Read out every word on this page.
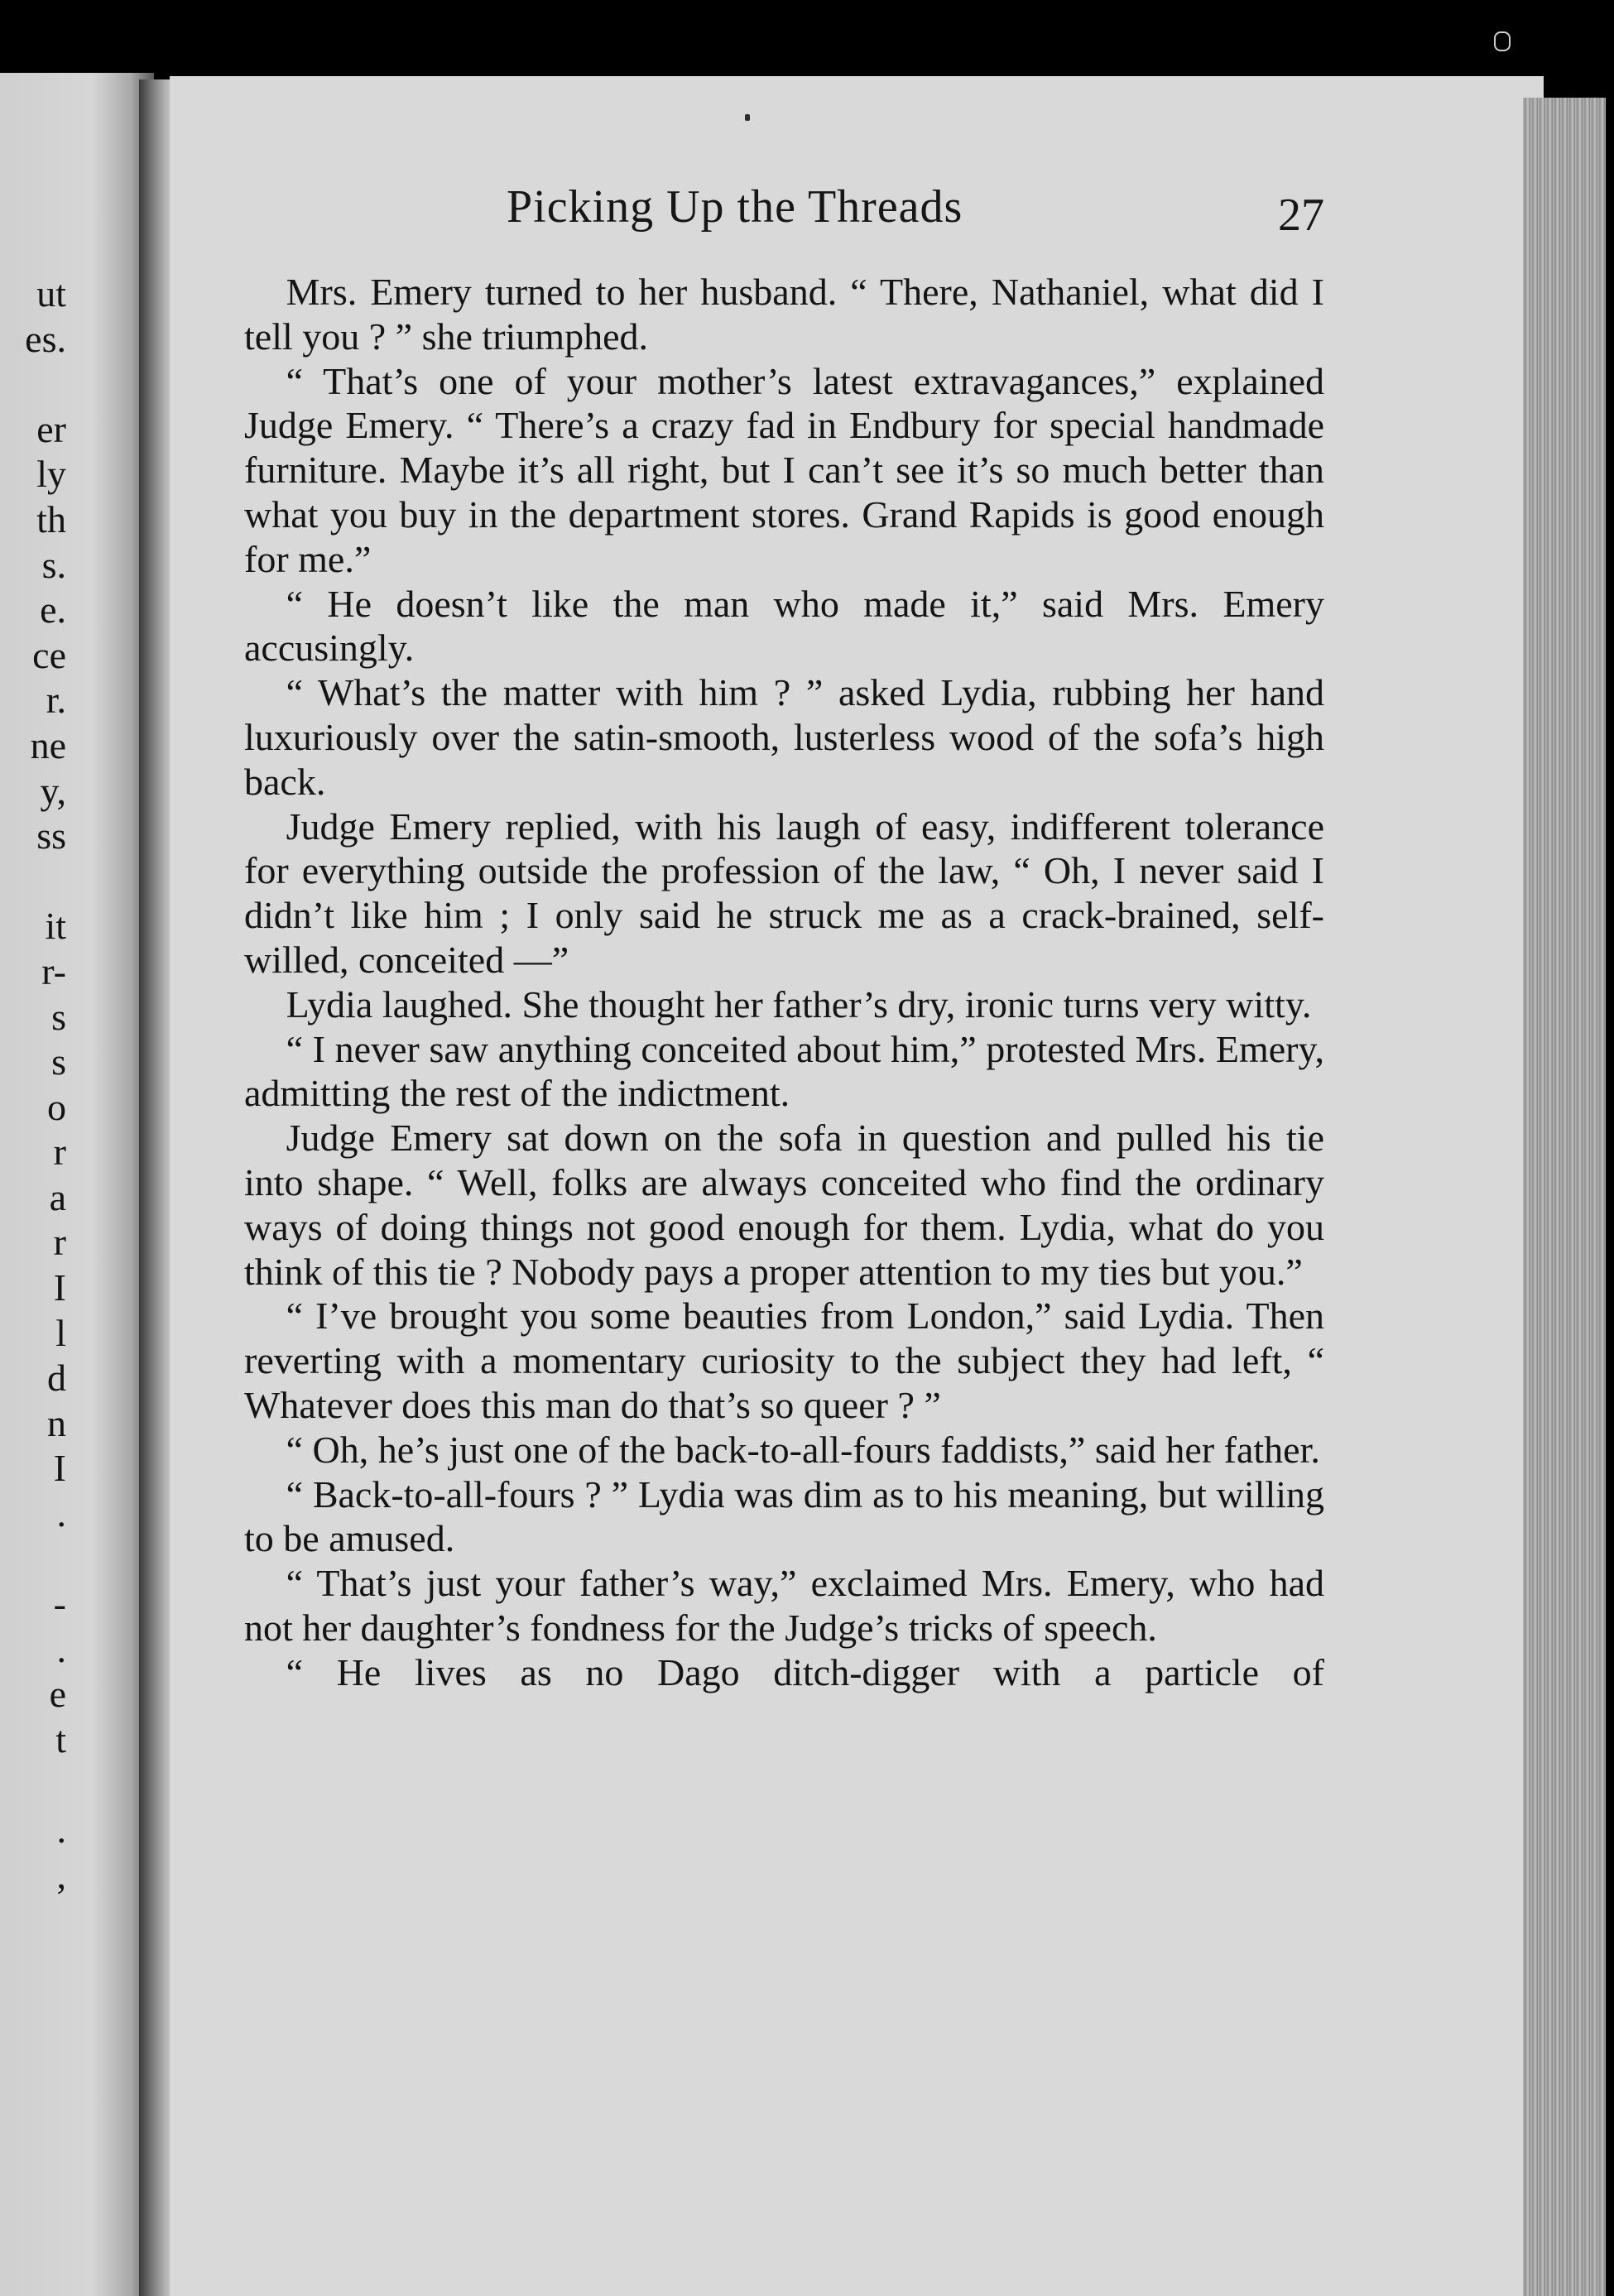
ut
es.
er
ly
th
s.
e.
ce
r.
ne
y,
ss
it
r-
s
s
o
r
a
r
I
l
d
n
I
.
-
.
e
t
.
,
Picking Up the Threads	27

Mrs. Emery turned to her husband. “ There, Nathaniel, what did I tell you ? ” she triumphed.

“ That’s one of your mother’s latest extravagances,” explained Judge Emery. “ There’s a crazy fad in Endbury for special handmade furniture. Maybe it’s all right, but I can’t see it’s so much better than what you buy in the department stores. Grand Rapids is good enough for me.”

“ He doesn’t like the man who made it,” said Mrs. Emery accusingly.

“ What’s the matter with him ? ” asked Lydia, rubbing her hand luxuriously over the satin-smooth, lusterless wood of the sofa’s high back.

Judge Emery replied, with his laugh of easy, indifferent tolerance for everything outside the profession of the law, “ Oh, I never said I didn’t like him ; I only said he struck me as a crack-brained, self-willed, conceited —”

Lydia laughed. She thought her father’s dry, ironic turns very witty.

“ I never saw anything conceited about him,” protested Mrs. Emery, admitting the rest of the indictment.

Judge Emery sat down on the sofa in question and pulled his tie into shape. “ Well, folks are always conceited who find the ordinary ways of doing things not good enough for them. Lydia, what do you think of this tie ? Nobody pays a proper attention to my ties but you.”

“ I’ve brought you some beauties from London,” said Lydia. Then reverting with a momentary curiosity to the subject they had left, “ Whatever does this man do that’s so queer ? ”

“ Oh, he’s just one of the back-to-all-fours faddists,” said her father.

“ Back-to-all-fours ? ” Lydia was dim as to his meaning, but willing to be amused.

“ That’s just your father’s way,” exclaimed Mrs. Emery, who had not her daughter’s fondness for the Judge’s tricks of speech.

“ He lives as no Dago ditch-digger with a particle of
